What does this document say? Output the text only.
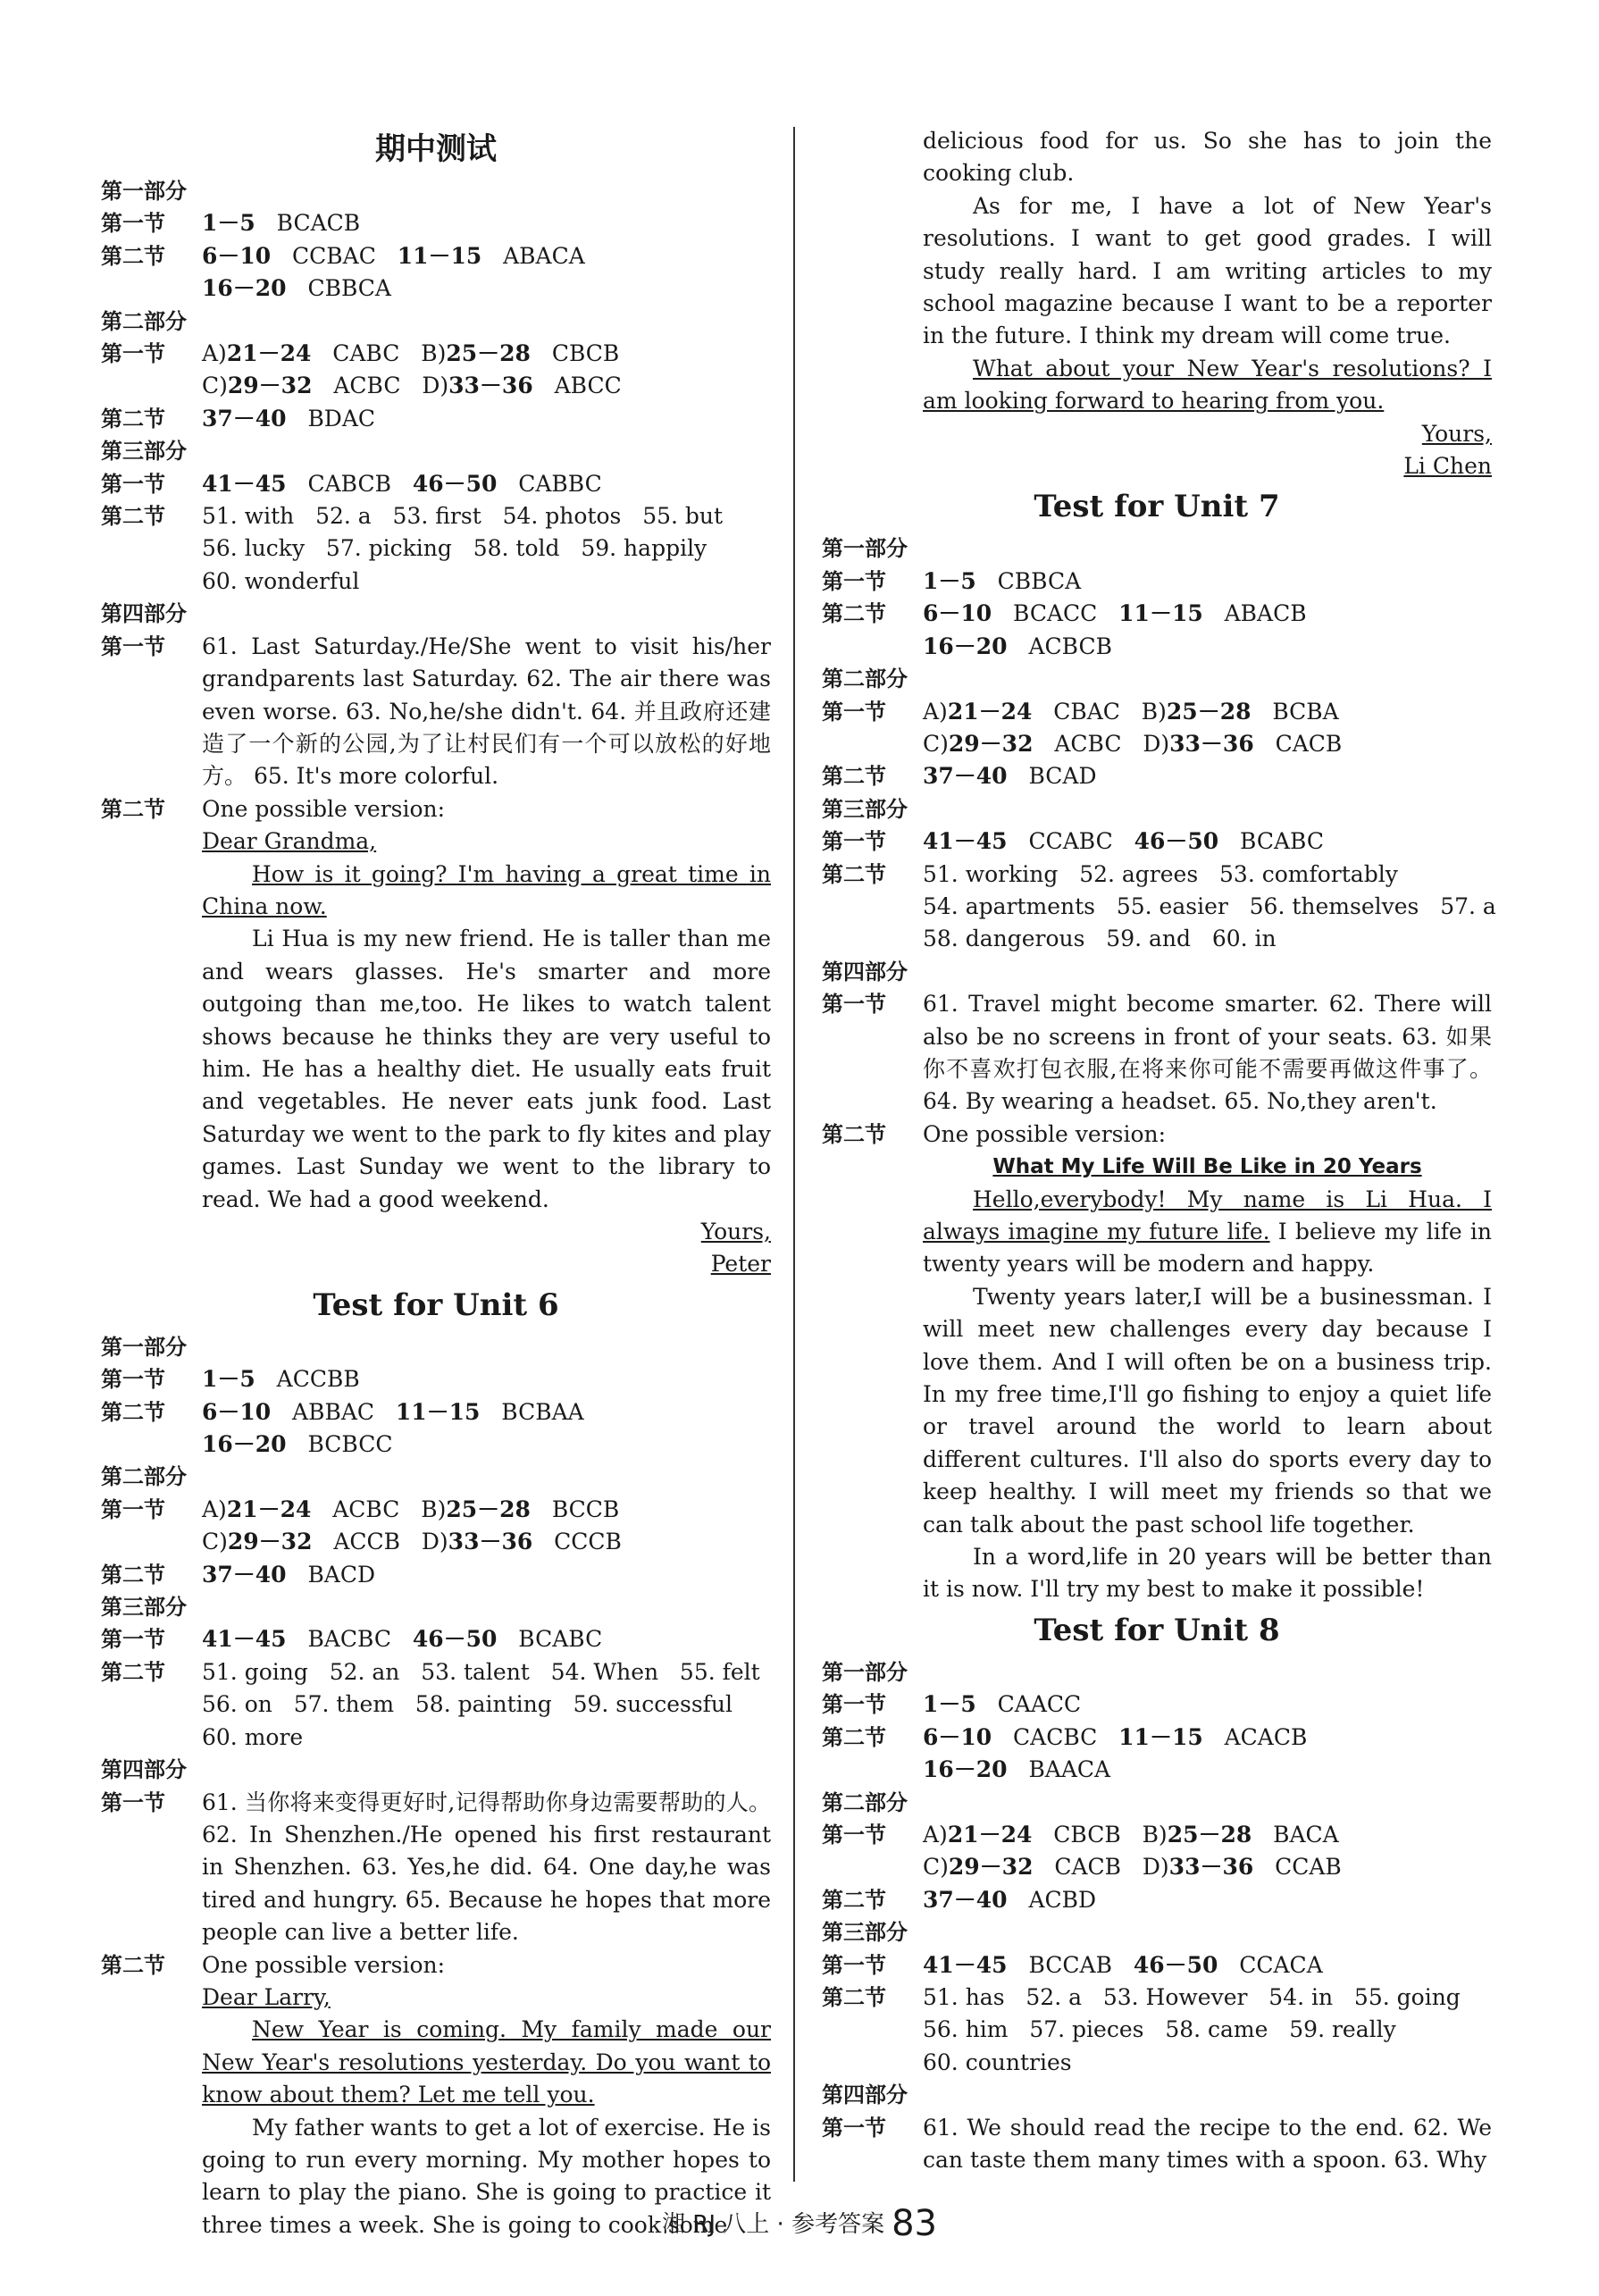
期中测试
第一部分
第一节	1－5 BCACB
第二节	6－10 CCBAC 11－15 ABACA
16－20 CBBCA
第二部分
第一节	A)21－24 CABC B)25－28 CBCB
C)29－32 ACBC D)33－36 ABCC
第二节	37－40 BDAC
第三部分
第一节	41－45 CABCB 46－50 CABBC
第二节	51. with   52. a   53. first   54. photos   55. but
56. lucky   57. picking   58. told   59. happily
60. wonderful
第四部分
第一节	61. Last Saturday./He/She went to visit his/her grandparents last Saturday. 62. The air there was even worse. 63. No,he/she didn't. 64. 并且政府还建造了一个新的公园,为了让村民们有一个可以放松的好地方。 65. It's more colorful.
第二节	One possible version:
Dear Grandma,
How is it going? I'm having a great time in China now.
Li Hua is my new friend. He is taller than me and wears glasses. He's smarter and more outgoing than me,too. He likes to watch talent shows because he thinks they are very useful to him. He has a healthy diet. He usually eats fruit and vegetables. He never eats junk food. Last Saturday we went to the park to fly kites and play games. Last Sunday we went to the library to read. We had a good weekend.
Yours,
Peter
Test for Unit 6
第一部分
第一节	1－5 ACCBB
第二节	6－10 ABBAC 11－15 BCBAA
16－20 BCBCC
第二部分
第一节	A)21－24 ACBC B)25－28 BCCB
C)29－32 ACCB D)33－36 CCCB
第二节	37－40 BACD
第三部分
第一节	41－45 BACBC 46－50 BCABC
第二节	51. going   52. an   53. talent   54. When   55. felt
56. on   57. them   58. painting   59. successful
60. more
第四部分
第一节	61. 当你将来变得更好时,记得帮助你身边需要帮助的人。 62. In Shenzhen./He opened his first restaurant in Shenzhen. 63. Yes,he did. 64. One day,he was tired and hungry. 65. Because he hopes that more people can live a better life.
第二节	One possible version:
Dear Larry,
New Year is coming. My family made our New Year's resolutions yesterday. Do you want to know about them? Let me tell you.
My father wants to get a lot of exercise. He is going to run every morning. My mother hopes to learn to play the piano. She is going to practice it three times a week. She is going to cook some
delicious food for us. So she has to join the cooking club.
As for me, I have a lot of New Year's resolutions. I want to get good grades. I will study really hard. I am writing articles to my school magazine because I want to be a reporter in the future. I think my dream will come true.
What about your New Year's resolutions? I am looking forward to hearing from you.
Yours,
Li Chen
Test for Unit 7
第一部分
第一节	1－5 CBBCA
第二节	6－10 BCACC 11－15 ABACB
16－20 ACBCB
第二部分
第一节	A)21－24 CBAC B)25－28 BCBA
C)29－32 ACBC D)33－36 CACB
第二节	37－40 BCAD
第三部分
第一节	41－45 CCABC 46－50 BCABC
第二节	51. working   52. agrees   53. comfortably
54. apartments   55. easier   56. themselves   57. a
58. dangerous   59. and   60. in
第四部分
第一节	61. Travel might become smarter. 62. There will also be no screens in front of your seats. 63. 如果你不喜欢打包衣服,在将来你可能不需要再做这件事了。 64. By wearing a headset. 65. No,they aren't.
第二节	One possible version:
What My Life Will Be Like in 20 Years
Hello,everybody! My name is Li Hua. I always imagine my future life. I believe my life in twenty years will be modern and happy.
Twenty years later,I will be a businessman. I will meet new challenges every day because I love them. And I will often be on a business trip. In my free time,I'll go fishing to enjoy a quiet life or travel around the world to learn about different cultures. I'll also do sports every day to keep healthy. I will meet my friends so that we can talk about the past school life together.
In a word,life in 20 years will be better than it is now. I'll try my best to make it possible!
Test for Unit 8
第一部分
第一节	1－5 CAACC
第二节	6－10 CACBC 11－15 ACACB
16－20 BAACA
第二部分
第一节	A)21－24 CBCB B)25－28 BACA
C)29－32 CACB D)33－36 CCAB
第二节	37－40 ACBD
第三部分
第一节	41－45 BCCAB 46－50 CCACA
第二节	51. has   52. a   53. However   54. in   55. going
56. him   57. pieces   58. came   59. really
60. countries
第四部分
第一节	61. We should read the recipe to the end. 62. We can taste them many times with a spoon. 63. Why
湘 RJ 八上 · 参考答案 83
